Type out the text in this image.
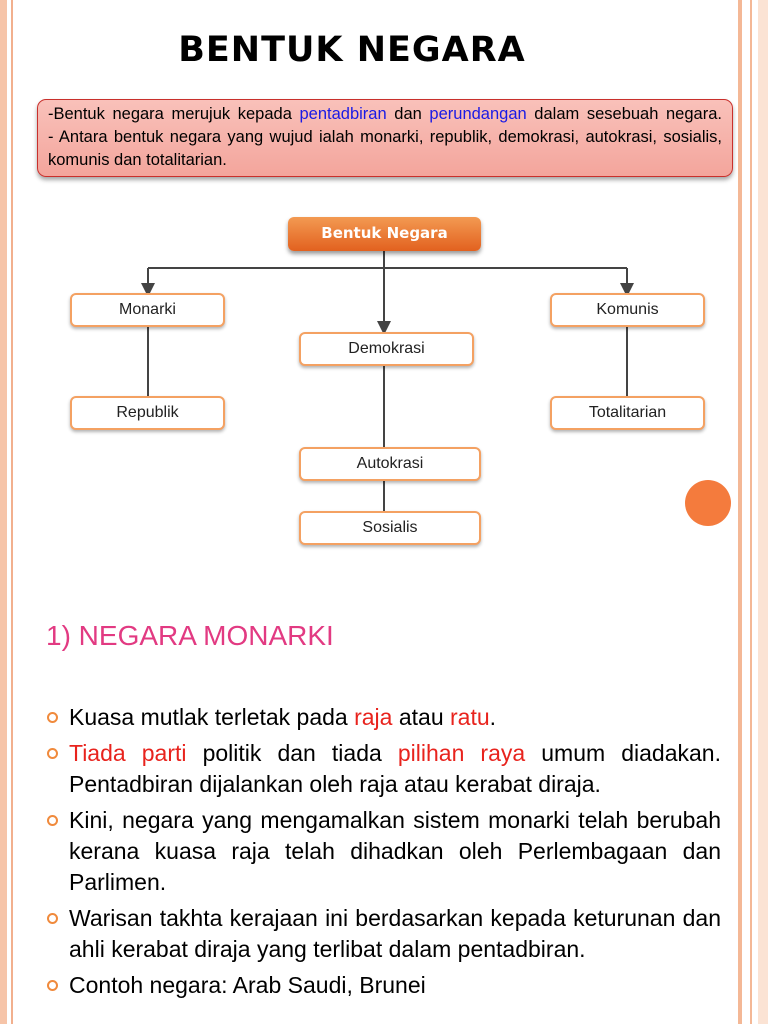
BENTUK NEGARA

-Bentuk negara merujuk kepada pentadbiran dan perundangan dalam sesebuah negara.

- Antara bentuk negara yang wujud ialah monarki, republik, demokrasi, autokrasi, sosialis, komunis dan totalitarian.

Bentuk Negara
Monarki
Republik
Demokrasi
Autokrasi
Sosialis
Komunis
Totalitarian
1) NEGARA MONARKI
Kuasa mutlak terletak pada raja atau ratu.
Tiada parti politik dan tiada pilihan raya umum diadakan. Pentadbiran dijalankan oleh raja atau kerabat diraja.
Kini, negara yang mengamalkan sistem monarki telah berubah kerana kuasa raja telah dihadkan oleh Perlembagaan dan Parlimen.
Warisan takhta kerajaan ini berdasarkan kepada keturunan dan ahli kerabat diraja yang terlibat dalam pentadbiran.
Contoh negara: Arab Saudi, Brunei
